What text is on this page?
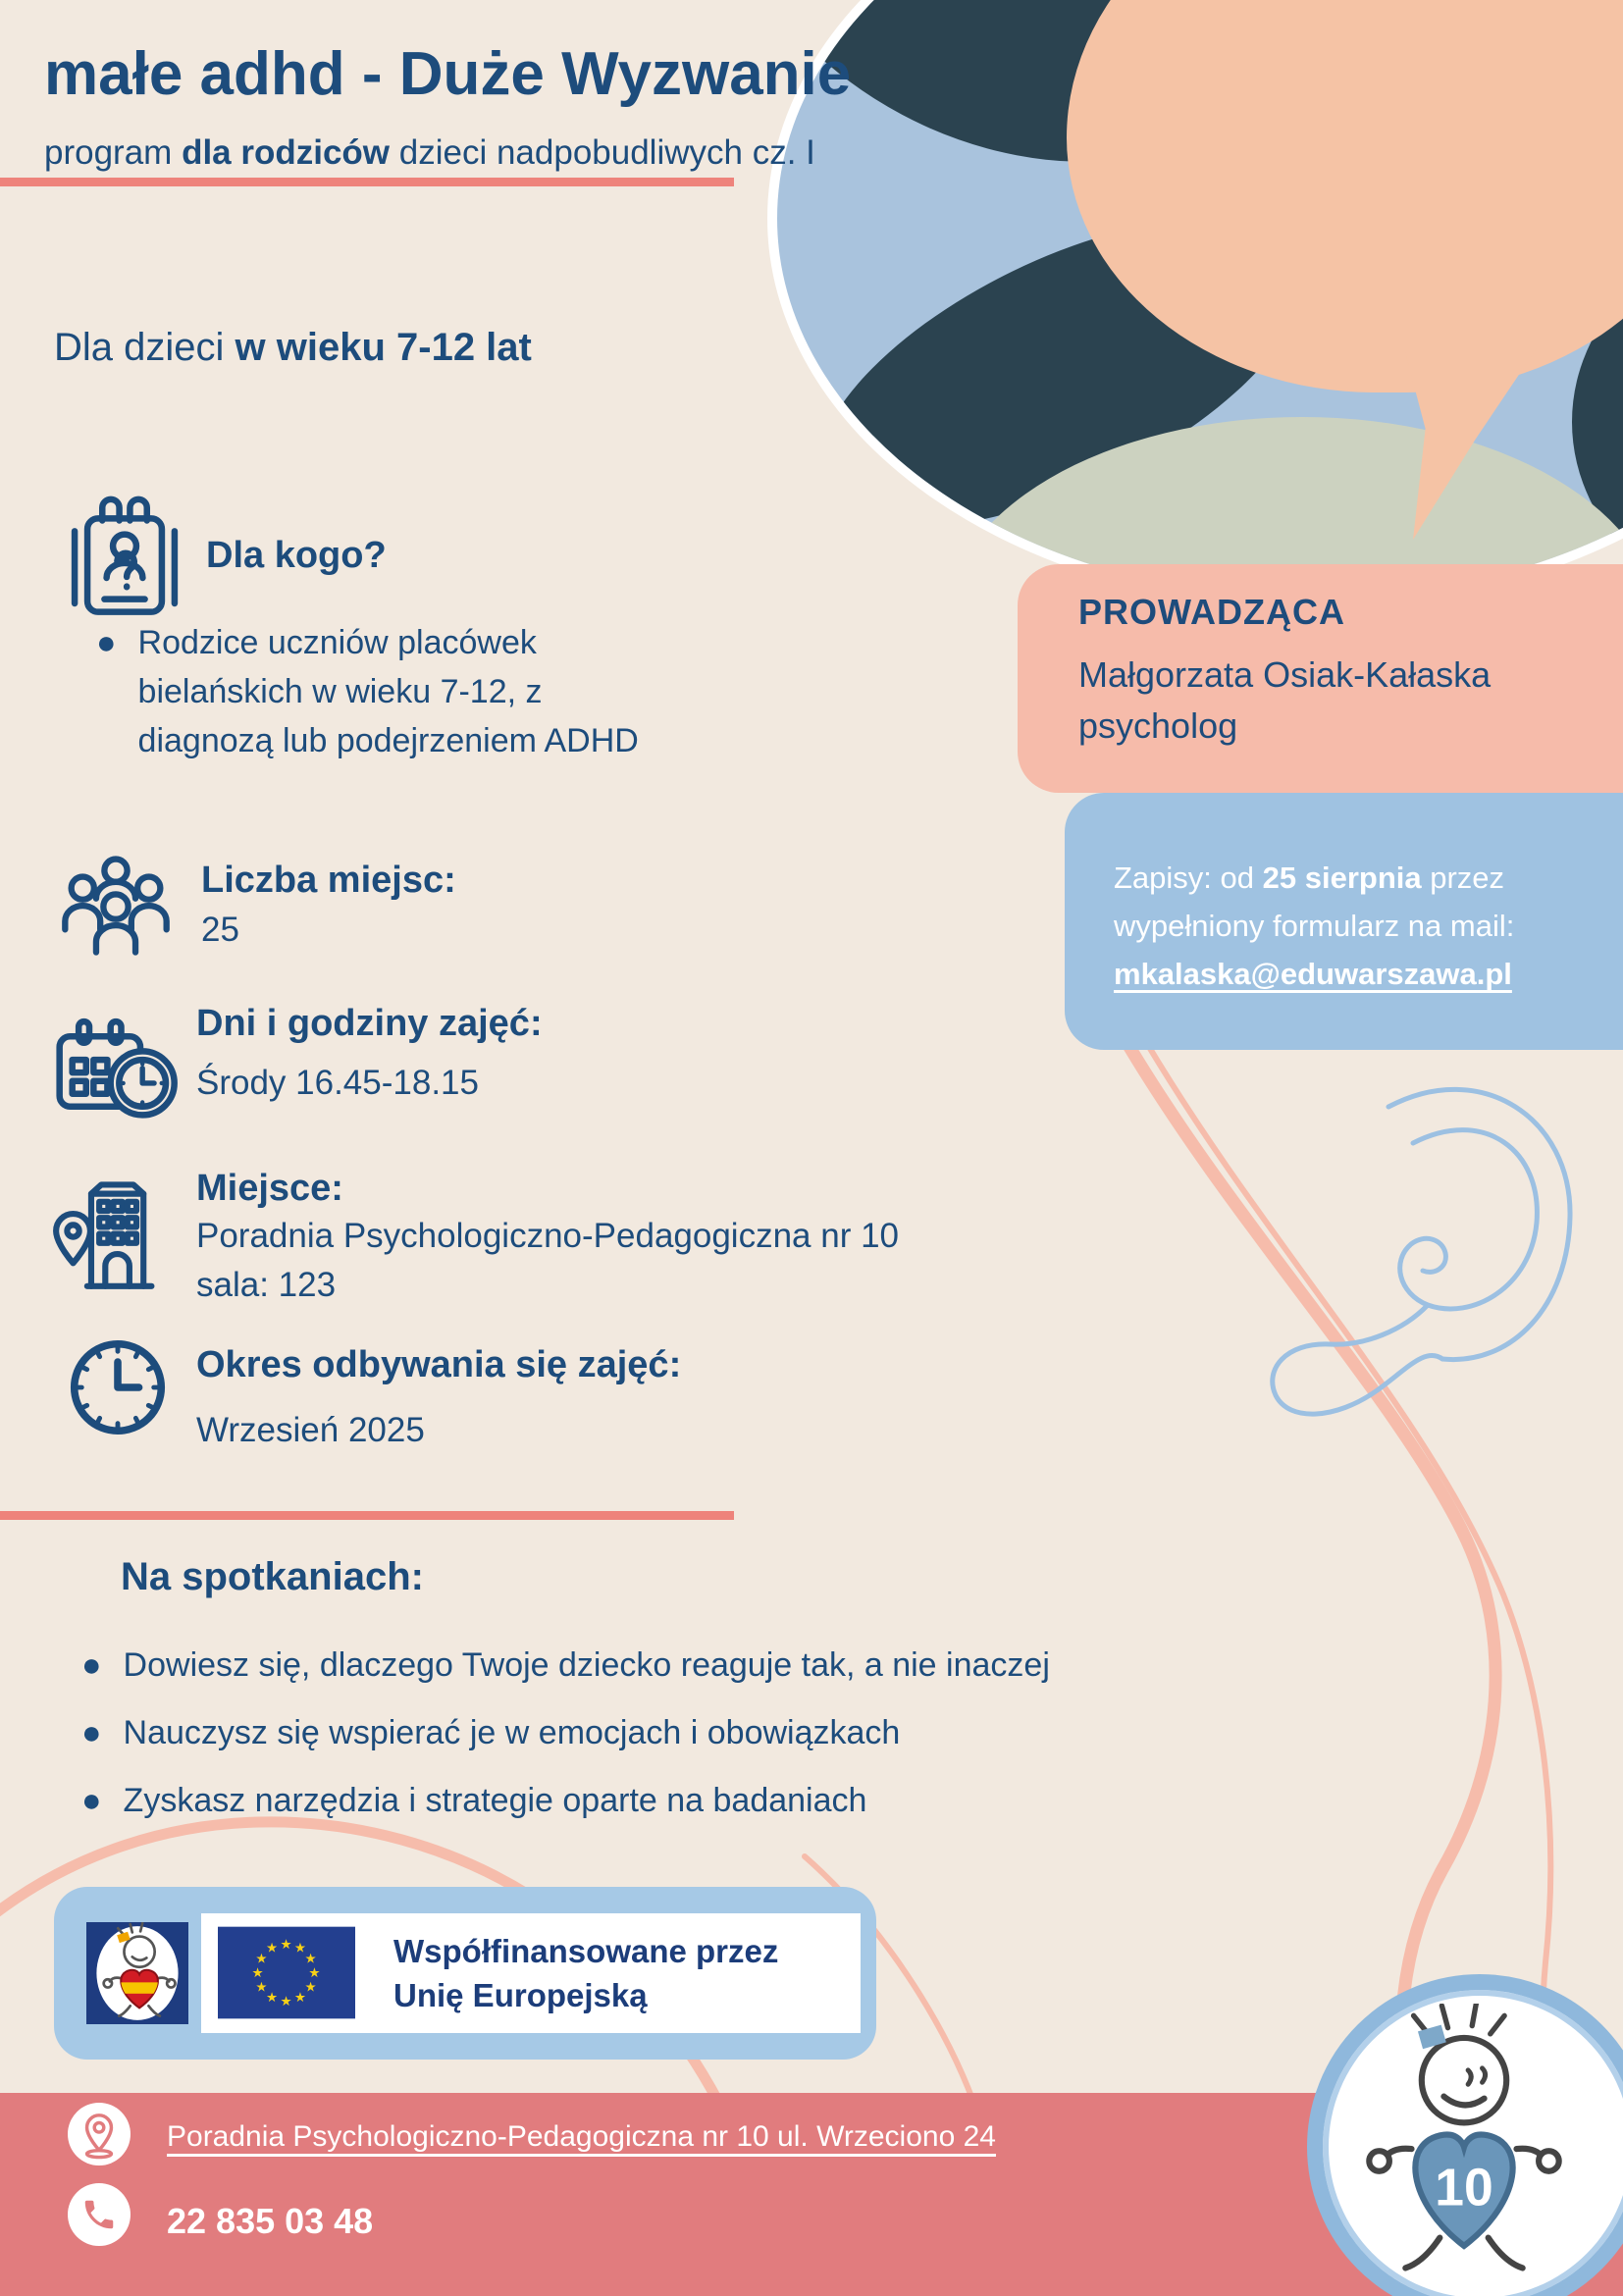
małe adhd - Duże Wyzwanie
program dla rodziców dzieci nadpobudliwych cz. I
Dla dzieci w wieku 7-12 lat
Dla kogo?
● Rodzice uczniów placówek bielańskich w wieku 7-12, z diagnozą lub podejrzeniem ADHD
Liczba miejsc:
25
Dni i godziny zajęć:
Środy 16.45-18.15
Miejsce:
Poradnia Psychologiczno-Pedagogiczna nr 10
sala: 123
Okres odbywania się zajęć:
Wrzesień 2025
PROWADZĄCA
Małgorzata Osiak-Kałaska
psycholog
Zapisy: od 25 sierpnia przez wypełniony formularz na mail:
mkalaska@eduwarszawa.pl
Na spotkaniach:
● Dowiesz się, dlaczego Twoje dziecko reaguje tak, a nie inaczej
● Nauczysz się wspierać je w emocjach i obowiązkach
● Zyskasz narzędzia i strategie oparte na badaniach
★ ★
★
★
★
★
★
★
★
★
★
★	Współfinansowane przez
Unię Europejską
Poradnia Psychologiczno-Pedagogiczna nr 10 ul. Wrzeciono 24
22 835 03 48
10
